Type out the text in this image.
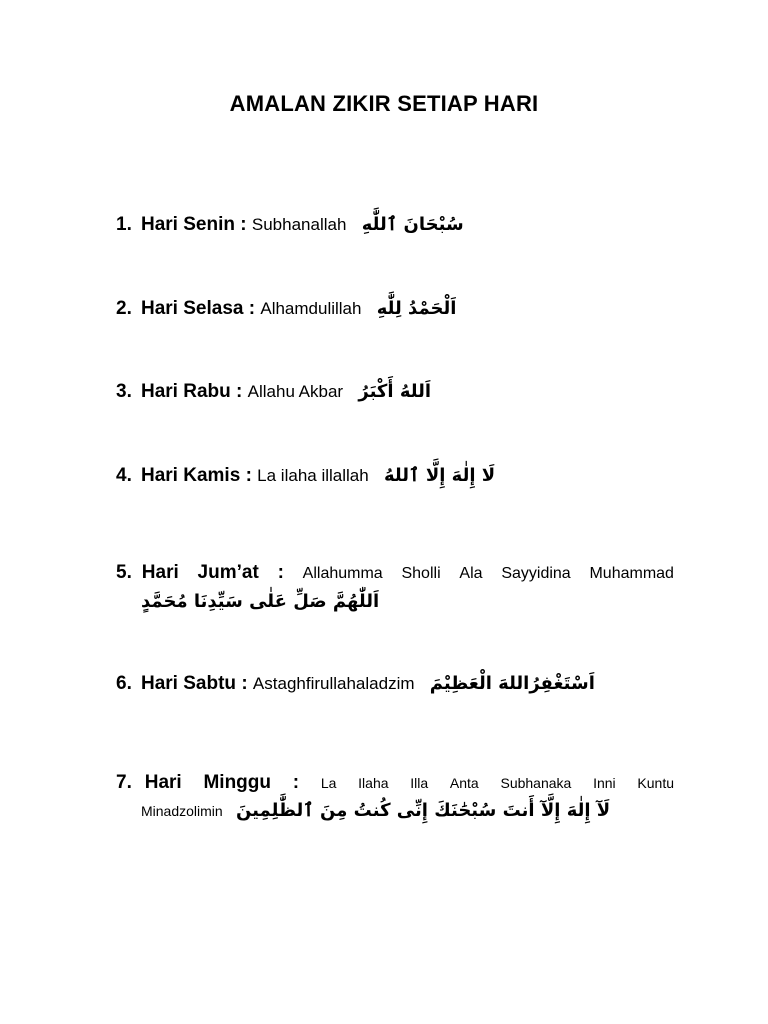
AMALAN ZIKIR SETIAP HARI
1. Hari Senin : Subhanallah سُبْحَانَ ٱللَّٰهِ
2. Hari Selasa : Alhamdulillah اَلْحَمْدُ لِلَّٰهِ
3. Hari Rabu : Allahu Akbar اَللهُ أَكْبَرُ
4. Hari Kamis : La ilaha illallah لَا إِلٰهَ إِلَّا ٱللهُ
5. Hari Jum’at : Allahumma Sholli Ala Sayyidina Muhammad
اَللّٰهُمَّ صَلِّ عَلٰى سَيِّدِنَا مُحَمَّدٍ
6. Hari Sabtu : Astaghfirullahaladzim اَسْتَغْفِرُاللهَ الْعَظِيْمَ
7. Hari Minggu : La Ilaha Illa Anta Subhanaka Inni Kuntu
Minadzolimin لَآ إِلٰهَ إِلَّآ أَنتَ سُبْحَٰنَكَ إِنِّى كُنتُ مِنَ ٱلظَّٰلِمِينَ
